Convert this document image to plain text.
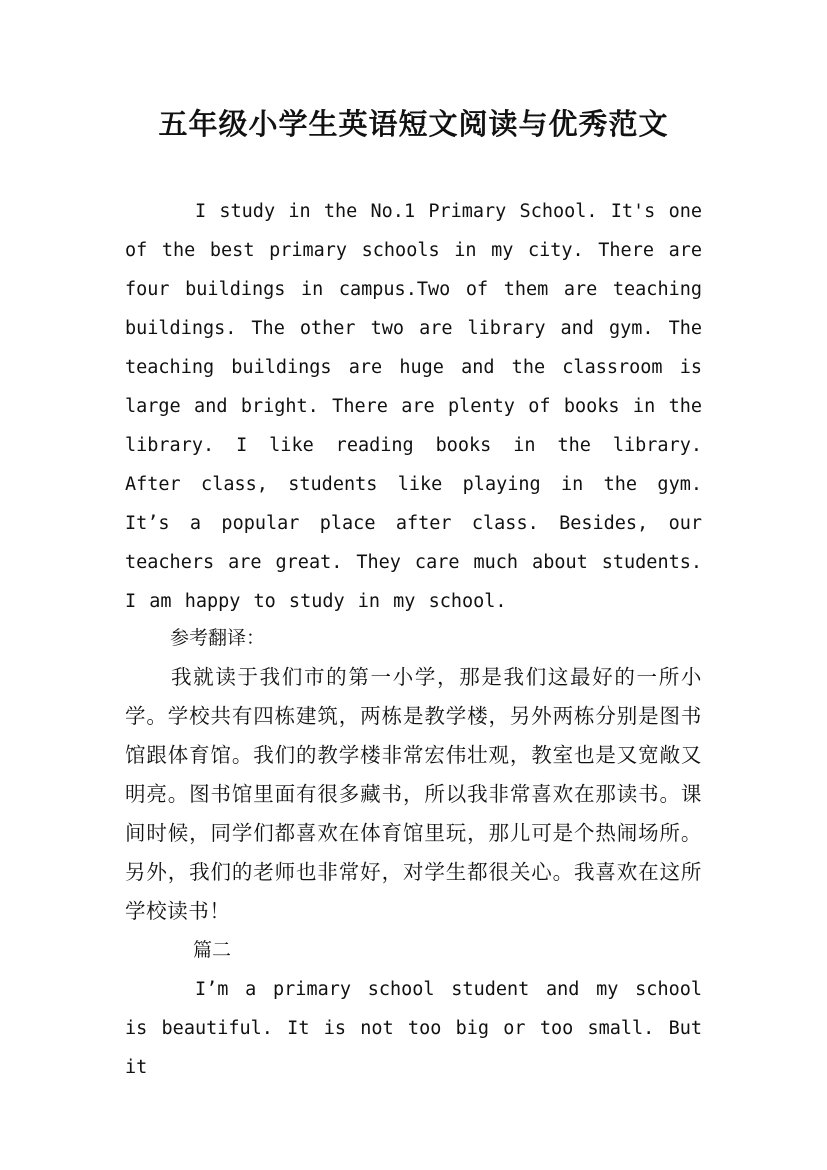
五年级小学生英语短文阅读与优秀范文

I study in the No.1 Primary School. It's one of the best primary schools in my city. There are four buildings in campus.Two of them are teaching buildings. The other two are library and gym. The teaching buildings are huge and the classroom is large and bright. There are plenty of books in the library. I like reading books in the library. After class, students like playing in the gym. It’s a popular place after class. Besides, our teachers are great. They care much about students. I am happy to study in my school.

参考翻译：

我就读于我们市的第一小学，那是我们这最好的一所小学。学校共有四栋建筑，两栋是教学楼，另外两栋分别是图书馆跟体育馆。我们的教学楼非常宏伟壮观，教室也是又宽敞又明亮。图书馆里面有很多藏书，所以我非常喜欢在那读书。课间时候，同学们都喜欢在体育馆里玩，那儿可是个热闹场所。另外，我们的老师也非常好，对学生都很关心。我喜欢在这所学校读书！

篇二

I’m a primary school student and my school is beautiful. It is not too big or too small. But it
